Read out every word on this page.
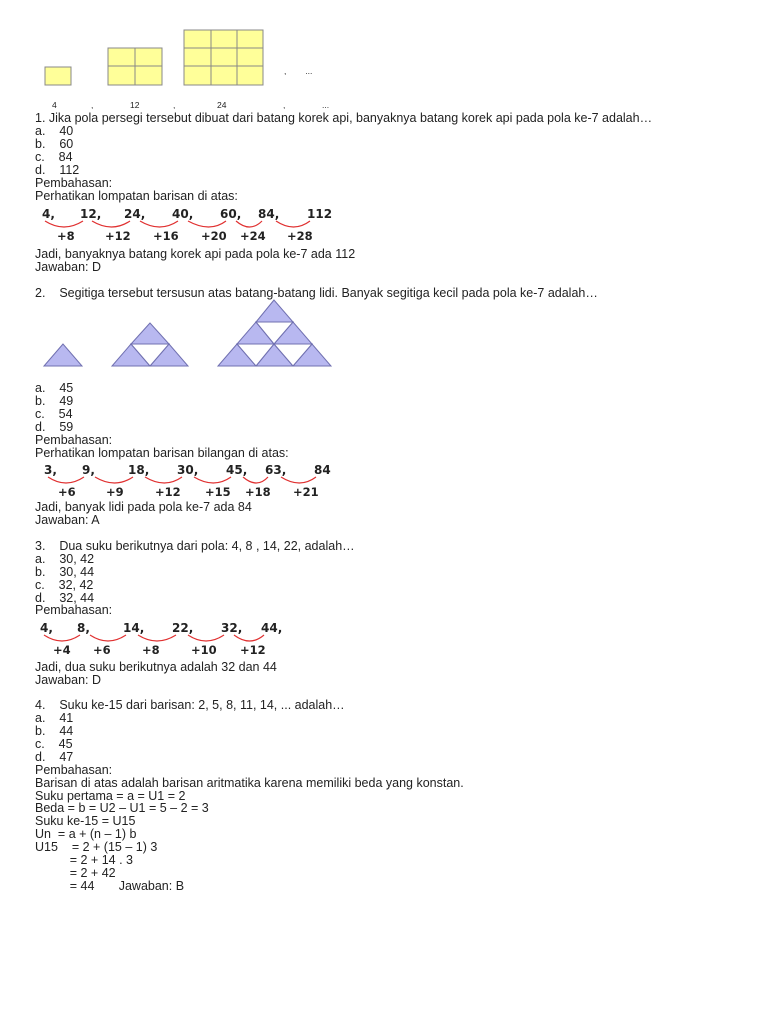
,        ...
4	,	12	,	24	,	...
1. Jika pola persegi tersebut dibuat dari batang korek api, banyaknya batang korek api pada pola ke-7 adalah…
a.    40
b.    60
c.    84
d.    112
Pembahasan:
Perhatikan lompatan barisan di atas:
4, 12, 24, 40, 60, 84, 112
+8	+12 +16 +20 +24 +28
Jadi, banyaknya batang korek api pada pola ke-7 ada 112
Jawaban: D
2.    Segitiga tersebut tersusun atas batang-batang lidi. Banyak segitiga kecil pada pola ke-7 adalah…
a.    45
b.    49
c.    54
d.    59
Pembahasan:
Perhatikan lompatan barisan bilangan di atas:
3, 9,	18, 30, 45, 63, 84
+6	+9	+12 +15 +18 +21
Jadi, banyak lidi pada pola ke-7 ada 84
Jawaban: A
3.    Dua suku berikutnya dari pola: 4, 8 , 14, 22, adalah…
a.    30, 42
b.    30, 44
c.    32, 42
d.    32, 44
Pembahasan:
4, 8,	14, 22, 32, 44,
+4 +6	+8	+10 +12
Jadi, dua suku berikutnya adalah 32 dan 44
Jawaban: D
4.    Suku ke-15 dari barisan: 2, 5, 8, 11, 14, ... adalah…
a.    41
b.    44
c.    45
d.    47
Pembahasan:
Barisan di atas adalah barisan aritmatika karena memiliki beda yang konstan.
Suku pertama = a = U1 = 2
Beda = b = U2 – U1 = 5 – 2 = 3
Suku ke-15 = U15
Un  = a + (n – 1) b
U15    = 2 + (15 – 1) 3
= 2 + 14 . 3
= 2 + 42
= 44       Jawaban: B
